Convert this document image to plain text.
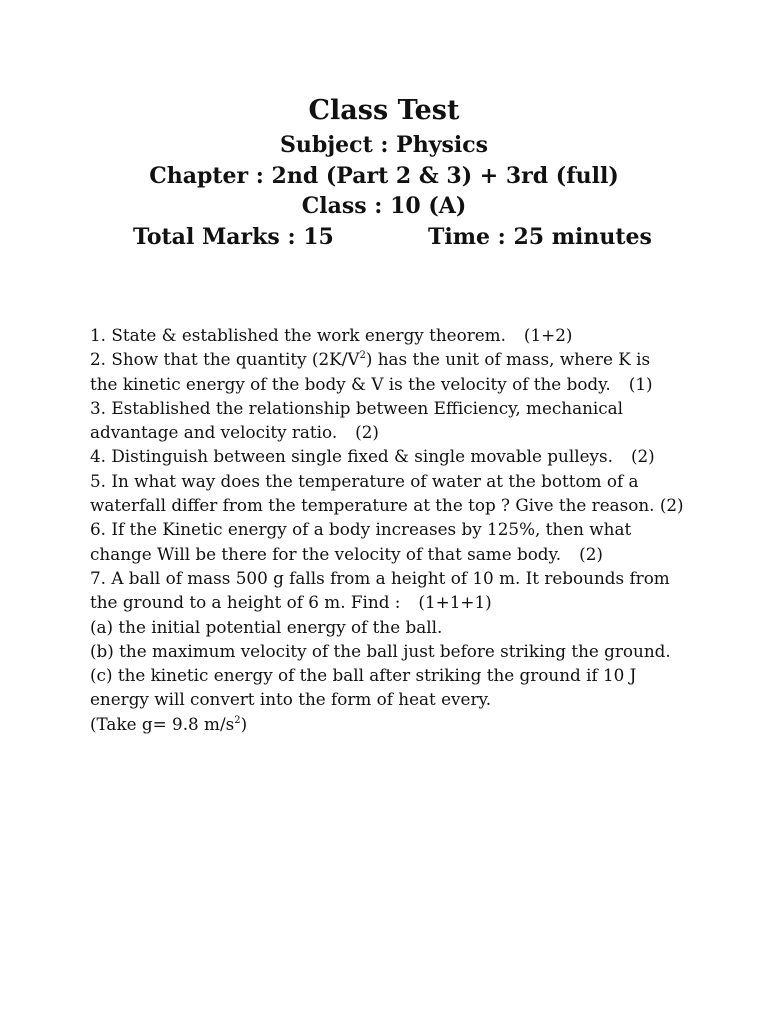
Class Test
Subject : Physics
Chapter : 2nd (Part 2 & 3) + 3rd (full)
Class : 10 (A)
Total Marks : 15	Time : 25 minutes
1. State & established the work energy theorem. (1+2)
2. Show that the quantity $(2K/V^2)$ has the unit of mass, where K is
the kinetic energy of the body & V is the velocity of the body. (1)
3. Established the relationship between Efficiency, mechanical
advantage and velocity ratio. (2)
4. Distinguish between single fixed & single movable pulleys. (2)
5. In what way does the temperature of water at the bottom of a
waterfall differ from the temperature at the top ? Give the reason. (2)
6. If the Kinetic energy of a body increases by 125%, then what
change Will be there for the velocity of that same body. (2)
7. A ball of mass 500 g falls from a height of 10 m. It rebounds from
the ground to a height of 6 m. Find : (1+1+1)
(a) the initial potential energy of the ball.
(b) the maximum velocity of the ball just before striking the ground.
(c) the kinetic energy of the ball after striking the ground if 10 J
energy will convert into the form of heat every.
(Take g= 9.8 $m/s^2$)
